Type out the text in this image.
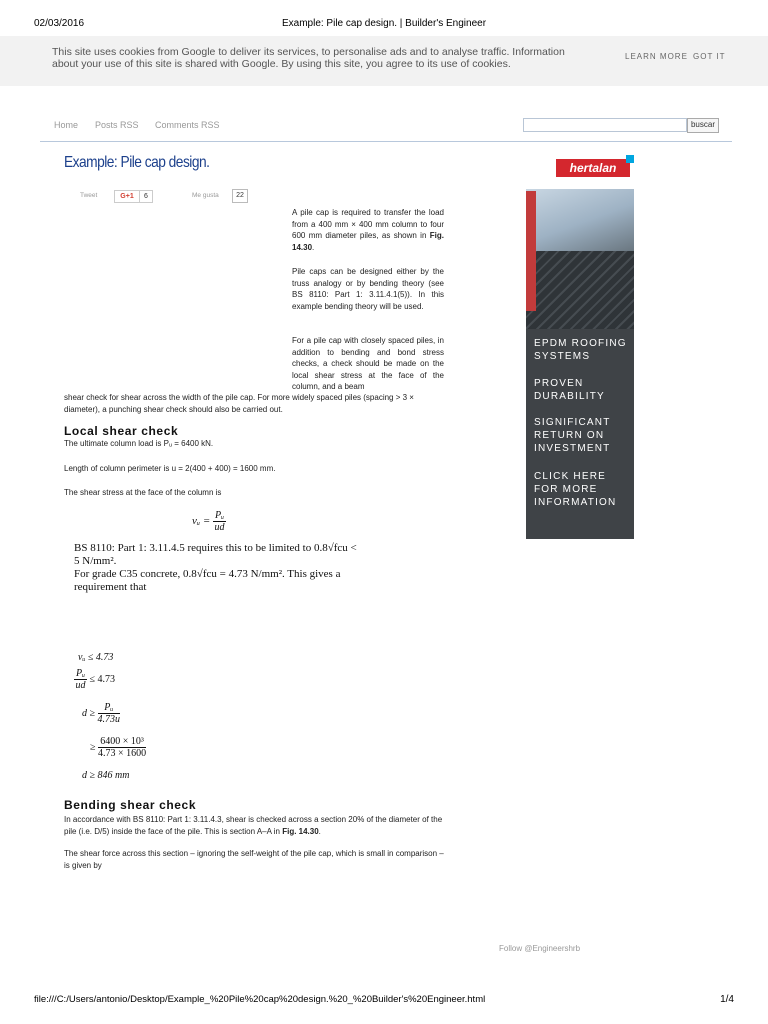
02/03/2016	Example: Pile cap design. | Builder's Engineer
This site uses cookies from Google to deliver its services, to personalise ads and to analyse traffic. Information about your use of this site is shared with Google. By using this site, you agree to its use of cookies.
LEARN MORE GOT IT
Home Posts RSS Comments RSS	buscar
Example: Pile cap design.
Tweet	G+1	6	Me gusta	22
A pile cap is required to transfer the load from a 400 mm × 400 mm column to four 600 mm diameter piles, as shown in Fig. 14.30.
Pile caps can be designed either by the truss analogy or by bending theory (see BS 8110: Part 1: 3.11.4.1(5)). In this example bending theory will be used.
For a pile cap with closely spaced piles, in addition to bending and bond stress checks, a check should be made on the local shear stress at the face of the column, and a beam
shear check for shear across the width of the pile cap. For more widely spaced piles (spacing > 3 × diameter), a punching shear check should also be carried out.
Local shear check
The ultimate column load is Pᵤ = 6400 kN.
Length of column perimeter is u = 2(400 + 400) = 1600 mm.
The shear stress at the face of the column is
vᵤ = $\frac{\text{Pᵤ}}{ud}$
BS 8110: Part 1: 3.11.4.5 requires this to be limited to 0.8√fcu < 5 N/mm².
For grade C35 concrete, 0.8√fcu = 4.73 N/mm². This gives a requirement that
vᵤ ≤ 4.73
$\frac{\text{Pᵤ}}{ud} \le 4.73$
$d \ge \frac{\text{Pᵤ}}{4.73u}$
≥ $\frac{\text{6400 × 10³}}{4.73 \times 1600}$
d ≥ 846 mm
Bending shear check
In accordance with BS 8110: Part 1: 3.11.4.3, shear is checked across a section 20% of the diameter of the pile (i.e. D/5) inside the face of the pile. This is section A–A in Fig. 14.30.
The shear force across this section – ignoring the self-weight of the pile cap, which is small in comparison – is given by
Follow @Engineershrb
hertalan
EPDM ROOFING SYSTEMS
PROVEN DURABILITY
SIGNIFICANT RETURN ON INVESTMENT
CLICK HERE FOR MORE INFORMATION
file:///C:/Users/antonio/Desktop/Example_%20Pile%20cap%20design.%20_%20Builder's%20Engineer.html	1/4
